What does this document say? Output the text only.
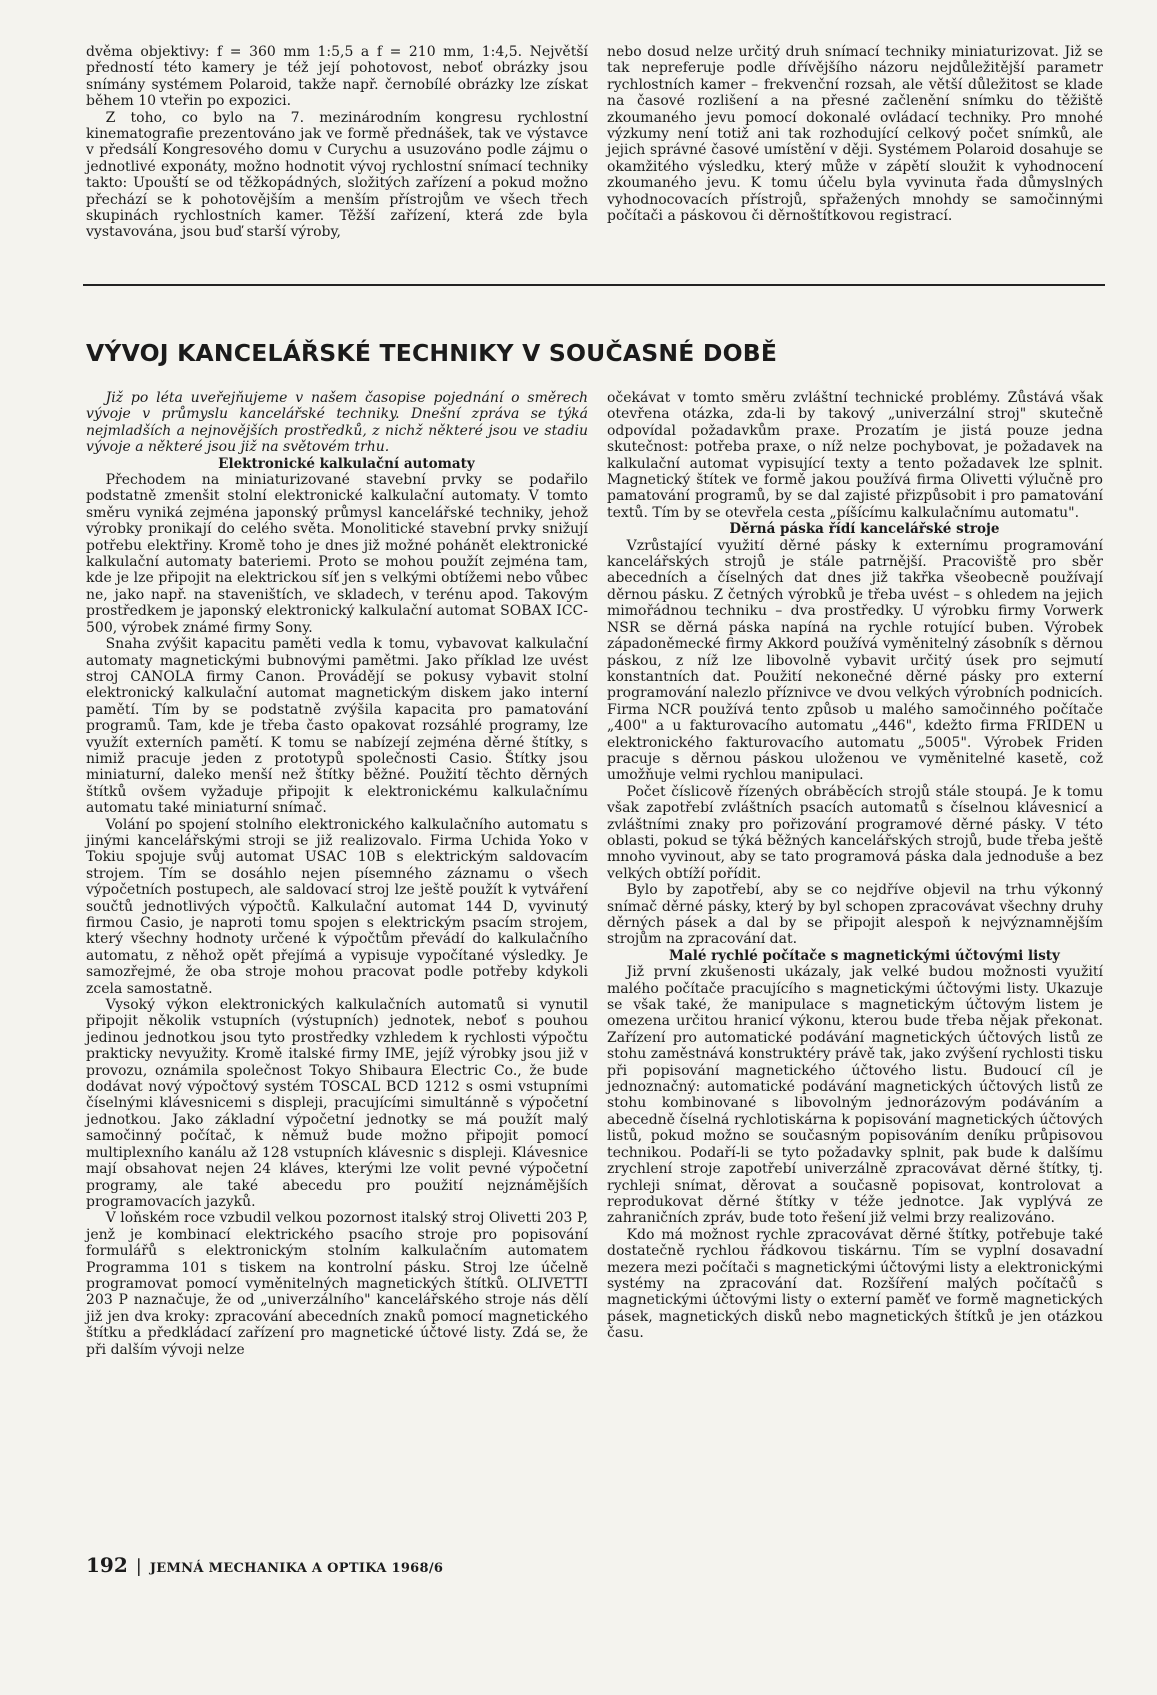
dvěma objektivy: f = 360 mm 1:5,5 a f = 210 mm, 1:4,5. Největší předností této kamery je též její pohotovost, neboť obrázky jsou snímány systémem Polaroid, takže např. černobílé obrázky lze získat během 10 vteřin po expozici.

Z toho, co bylo na 7. mezinárodním kongresu rychlostní kinematografie prezentováno jak ve formě přednášek, tak ve výstavce v předsálí Kongresového domu v Curychu a usuzováno podle zájmu o jednotlivé exponáty, možno hodnotit vývoj rychlostní snímací techniky takto: Upouští se od těžkopádných, složitých zařízení a pokud možno přechází se k pohotovějším a menším přístrojům ve všech třech skupinách rychlostních kamer. Těžší zařízení, která zde byla vystavována, jsou buď starší výroby,

nebo dosud nelze určitý druh snímací techniky miniaturizovat. Již se tak nepreferuje podle dřívějšího názoru nejdůležitější parametr rychlostních kamer – frekvenční rozsah, ale větší důležitost se klade na časové rozlišení a na přesné začlenění snímku do těžiště zkoumaného jevu pomocí dokonalé ovládací techniky. Pro mnohé výzkumy není totiž ani tak rozhodující celkový počet snímků, ale jejich správné časové umístění v ději. Systémem Polaroid dosahuje se okamžitého výsledku, který může v zápětí sloužit k vyhodnocení zkoumaného jevu. K tomu účelu byla vyvinuta řada důmyslných vyhodnocovacích přístrojů, spřažených mnohdy se samočinnými počítači a páskovou či děrnoštítkovou registrací.

VÝVOJ KANCELÁŘSKÉ TECHNIKY V SOUČASNÉ DOBĚ

Již po léta uveřejňujeme v našem časopise pojednání o směrech vývoje v průmyslu kancelářské techniky. Dnešní zpráva se týká nejmladších a nejnovějších prostředků, z nichž některé jsou ve stadiu vývoje a některé jsou již na světovém trhu.

Elektronické kalkulační automaty

Přechodem na miniaturizované stavební prvky se podařilo podstatně zmenšit stolní elektronické kalkulační automaty. V tomto směru vyniká zejména japonský průmysl kancelářské techniky, jehož výrobky pronikají do celého světa. Monolitické stavební prvky snižují potřebu elektřiny. Kromě toho je dnes již možné pohánět elektronické kalkulační automaty bateriemi. Proto se mohou použít zejména tam, kde je lze připojit na elektrickou síť jen s velkými obtížemi nebo vůbec ne, jako např. na staveništích, ve skladech, v terénu apod. Takovým prostředkem je japonský elektronický kalkulační automat SOBAX ICC-500, výrobek známé firmy Sony.

Snaha zvýšit kapacitu paměti vedla k tomu, vybavovat kalkulační automaty magnetickými bubnovými pamětmi. Jako příklad lze uvést stroj CANOLA firmy Canon. Provádějí se pokusy vybavit stolní elektronický kalkulační automat magnetickým diskem jako interní pamětí. Tím by se podstatně zvýšila kapacita pro pamatování programů. Tam, kde je třeba často opakovat rozsáhlé programy, lze využít externích pamětí. K tomu se nabízejí zejména děrné štítky, s nimiž pracuje jeden z prototypů společnosti Casio. Štítky jsou miniaturní, daleko menší než štítky běžné. Použití těchto děrných štítků ovšem vyžaduje připojit k elektronickému kalkulačnímu automatu také miniaturní snímač.

Volání po spojení stolního elektronického kalkulačního automatu s jinými kancelářskými stroji se již realizovalo. Firma Uchida Yoko v Tokiu spojuje svůj automat USAC 10B s elektrickým saldovacím strojem. Tím se dosáhlo nejen písemného záznamu o všech výpočetních postupech, ale saldovací stroj lze ještě použít k vytváření součtů jednotlivých výpočtů. Kalkulační automat 144 D, vyvinutý firmou Casio, je naproti tomu spojen s elektrickým psacím strojem, který všechny hodnoty určené k výpočtům převádí do kalkulačního automatu, z něhož opět přejímá a vypisuje vypočítané výsledky. Je samozřejmé, že oba stroje mohou pracovat podle potřeby kdykoli zcela samostatně.

Vysoký výkon elektronických kalkulačních automatů si vynutil připojit několik vstupních (výstupních) jednotek, neboť s pouhou jedinou jednotkou jsou tyto prostředky vzhledem k rychlosti výpočtu prakticky nevyužity. Kromě italské firmy IME, jejíž výrobky jsou již v provozu, oznámila společnost Tokyo Shibaura Electric Co., že bude dodávat nový výpočtový systém TOSCAL BCD 1212 s osmi vstupními číselnými klávesnicemi s displeji, pracujícími simultánně s výpočetní jednotkou. Jako základní výpočetní jednotky se má použít malý samočinný počítač, k němuž bude možno připojit pomocí multiplexního kanálu až 128 vstupních klávesnic s displeji. Klávesnice mají obsahovat nejen 24 kláves, kterými lze volit pevné výpočetní programy, ale také abecedu pro použití nejznámějších programovacích jazyků.

V loňském roce vzbudil velkou pozornost italský stroj Olivetti 203 P, jenž je kombinací elektrického psacího stroje pro popisování formulářů s elektronickým stolním kalkulačním automatem Programma 101 s tiskem na kontrolní pásku. Stroj lze účelně programovat pomocí vyměnitelných magnetických štítků. OLIVETTI 203 P naznačuje, že od „univerzálního" kancelářského stroje nás dělí již jen dva kroky: zpracování abecedních znaků pomocí magnetického štítku a předkládací zařízení pro magnetické účtové listy. Zdá se, že při dalším vývoji nelze

očekávat v tomto směru zvláštní technické problémy. Zůstává však otevřena otázka, zda-li by takový „univerzální stroj" skutečně odpovídal požadavkům praxe. Prozatím je jistá pouze jedna skutečnost: potřeba praxe, o níž nelze pochybovat, je požadavek na kalkulační automat vypisující texty a tento požadavek lze splnit. Magnetický štítek ve formě jakou používá firma Olivetti výlučně pro pamatování programů, by se dal zajisté přizpůsobit i pro pamatování textů. Tím by se otevřela cesta „píšícímu kalkulačnímu automatu".

Děrná páska řídí kancelářské stroje

Vzrůstající využití děrné pásky k externímu programování kancelářských strojů je stále patrnější. Pracoviště pro sběr abecedních a číselných dat dnes již takřka všeobecně používají děrnou pásku. Z četných výrobků je třeba uvést – s ohledem na jejich mimořádnou techniku – dva prostředky. U výrobku firmy Vorwerk NSR se děrná páska napíná na rychle rotující buben. Výrobek západoněmecké firmy Akkord používá vyměnitelný zásobník s děrnou páskou, z níž lze libovolně vybavit určitý úsek pro sejmutí konstantních dat. Použití nekonečné děrné pásky pro externí programování nalezlo příznivce ve dvou velkých výrobních podnicích. Firma NCR používá tento způsob u malého samočinného počítače „400" a u fakturovacího automatu „446", kdežto firma FRIDEN u elektronického fakturovacího automatu „5005". Výrobek Friden pracuje s děrnou páskou uloženou ve vyměnitelné kasetě, což umožňuje velmi rychlou manipulaci.

Počet číslicově řízených obráběcích strojů stále stoupá. Je k tomu však zapotřebí zvláštních psacích automatů s číselnou klávesnicí a zvláštními znaky pro pořizování programové děrné pásky. V této oblasti, pokud se týká běžných kancelářských strojů, bude třeba ještě mnoho vyvinout, aby se tato programová páska dala jednoduše a bez velkých obtíží pořídit.

Bylo by zapotřebí, aby se co nejdříve objevil na trhu výkonný snímač děrné pásky, který by byl schopen zpracovávat všechny druhy děrných pásek a dal by se připojit alespoň k nejvýznamnějším strojům na zpracování dat.

Malé rychlé počítače s magnetickými účtovými listy

Již první zkušenosti ukázaly, jak velké budou možnosti využití malého počítače pracujícího s magnetickými účtovými listy. Ukazuje se však také, že manipulace s magnetickým účtovým listem je omezena určitou hranicí výkonu, kterou bude třeba nějak překonat. Zařízení pro automatické podávání magnetických účtových listů ze stohu zaměstnává konstruktéry právě tak, jako zvýšení rychlosti tisku při popisování magnetického účtového listu. Budoucí cíl je jednoznačný: automatické podávání magnetických účtových listů ze stohu kombinované s libovolným jednorázovým podáváním a abecedně číselná rychlotiskárna k popisování magnetických účtových listů, pokud možno se současným popisováním deníku průpisovou technikou. Podaří-li se tyto požadavky splnit, pak bude k dalšímu zrychlení stroje zapotřebí univerzálně zpracovávat děrné štítky, tj. rychleji snímat, děrovat a současně popisovat, kontrolovat a reprodukovat děrné štítky v téže jednotce. Jak vyplývá ze zahraničních zpráv, bude toto řešení již velmi brzy realizováno.

Kdo má možnost rychle zpracovávat děrné štítky, potřebuje také dostatečně rychlou řádkovou tiskárnu. Tím se vyplní dosavadní mezera mezi počítači s magnetickými účtovými listy a elektronickými systémy na zpracování dat. Rozšíření malých počítačů s magnetickými účtovými listy o externí paměť ve formě magnetických pásek, magnetických disků nebo magnetických štítků je jen otázkou času.

192 | JEMNÁ MECHANIKA A OPTIKA 1968/6
